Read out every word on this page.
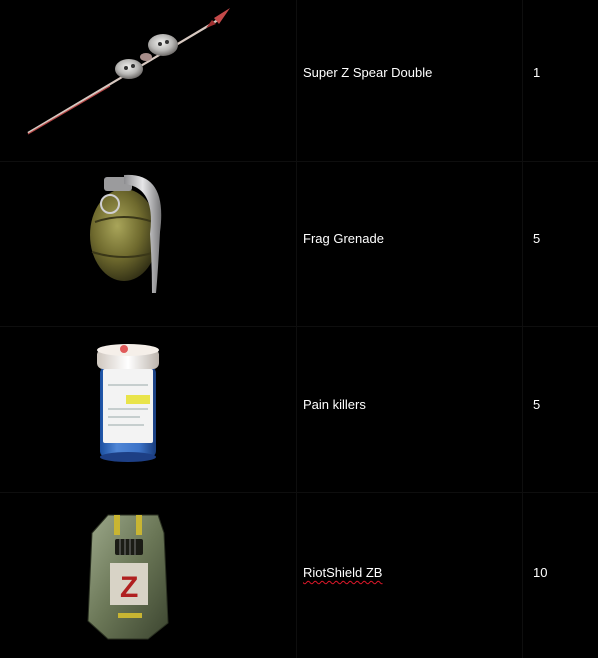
Super Z Spear Double	1
Frag Grenade	5
Pain killers	5
Z	RiotShield ZB	10
